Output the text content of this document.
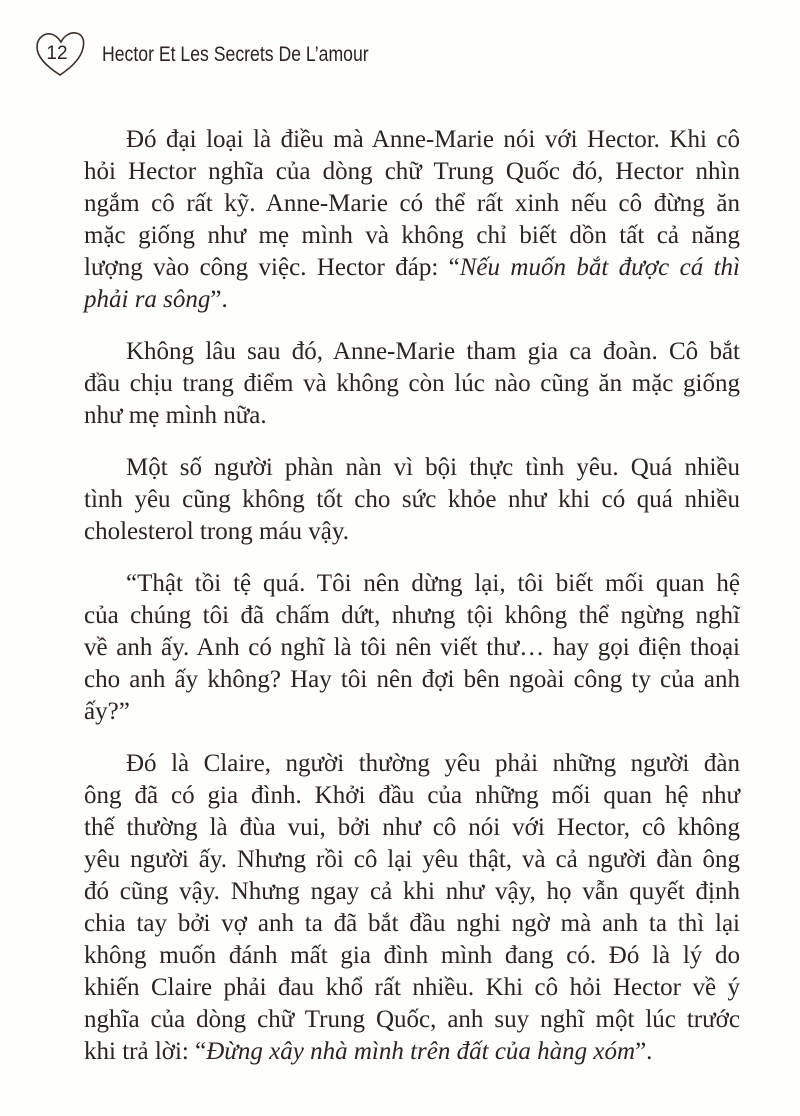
12	Hector Et Les Secrets De L’amour
Đó đại loại là điều mà Anne-Marie nói với Hector. Khi cô
hỏi Hector nghĩa của dòng chữ Trung Quốc đó, Hector nhìn
ngắm cô rất kỹ. Anne-Marie có thể rất xinh nếu cô đừng ăn
mặc giống như mẹ mình và không chỉ biết dồn tất cả năng
lượng vào công việc. Hector đáp: “Nếu muốn bắt được cá thì
phải ra sông”.
Không lâu sau đó, Anne-Marie tham gia ca đoàn. Cô bắt
đầu chịu trang điểm và không còn lúc nào cũng ăn mặc giống
như mẹ mình nữa.
Một số người phàn nàn vì bội thực tình yêu. Quá nhiều
tình yêu cũng không tốt cho sức khỏe như khi có quá nhiều
cholesterol trong máu vậy.
“Thật tồi tệ quá. Tôi nên dừng lại, tôi biết mối quan hệ
của chúng tôi đã chấm dứt, nhưng tội không thể ngừng nghĩ
về anh ấy. Anh có nghĩ là tôi nên viết thư… hay gọi điện thoại
cho anh ấy không? Hay tôi nên đợi bên ngoài công ty của anh
ấy?”
Đó là Claire, người thường yêu phải những người đàn
ông đã có gia đình. Khởi đầu của những mối quan hệ như
thế thường là đùa vui, bởi như cô nói với Hector, cô không
yêu người ấy. Nhưng rồi cô lại yêu thật, và cả người đàn ông
đó cũng vậy. Nhưng ngay cả khi như vậy, họ vẫn quyết định
chia tay bởi vợ anh ta đã bắt đầu nghi ngờ mà anh ta thì lại
không muốn đánh mất gia đình mình đang có. Đó là lý do
khiến Claire phải đau khổ rất nhiều. Khi cô hỏi Hector về ý
nghĩa của dòng chữ Trung Quốc, anh suy nghĩ một lúc trước
khi trả lời: “Đừng xây nhà mình trên đất của hàng xóm”.
